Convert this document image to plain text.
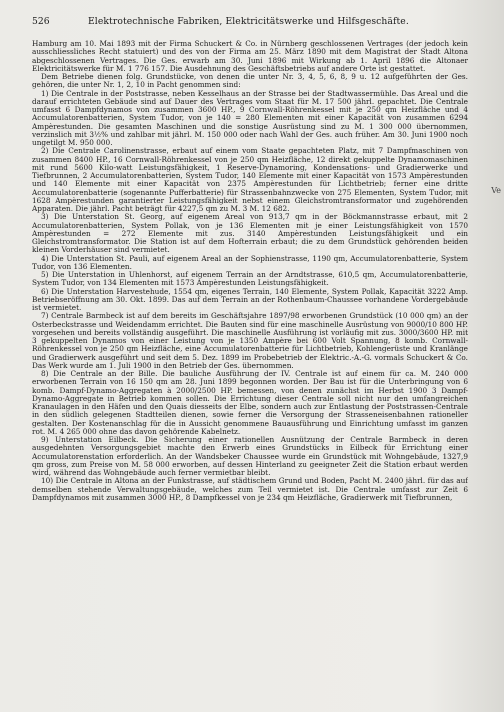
526	Elektrotechnische Fabriken, Elektricitätswerke und Hilfsgeschäfte.

Hamburg am 10. Mai 1893 mit der Firma Schuckert & Co. in Nürnberg geschlossenen Vertrages (der jedoch kein ausschliessliches Recht statuiert) und des von der Firma am 25. März 1890 mit dem Magistrat der Stadt Altona abgeschlossenen Vertrages. Die Ges. erwarb am 30. Juni 1896 mit Wirkung ab 1. April 1896 die Altonaer Elektricitätswerke für M. 1 776 157. Die Ausdehnung des Geschäftsbetriebs auf andere Orte ist gestattet.

Dem Betriebe dienen folg. Grundstücke, von denen die unter Nr. 3, 4, 5, 6, 8, 9 u. 12 aufgeführten der Ges. gehören, die unter Nr. 1, 2, 10 in Pacht genommen sind:

1) Die Centrale in der Poststrasse, neben Kesselhaus an der Strasse bei der Stadtwassermühle. Das Areal und die darauf errichteten Gebäude sind auf Dauer des Vertrages vom Staat für M. 17 500 jährl. gepachtet. Die Centrale umfasst 6 Dampfdynamos von zusammen 3600 HP., 9 Cornwall-Röhrenkessel mit je 250 qm Heizfläche und 4 Accumulatorenbatterien, System Tudor, von je 140 = 280 Elementen mit einer Kapacität von zusammen 6294 Ampèrestunden. Die gesamten Maschinen und die sonstige Ausrüstung sind zu M. 1 300 000 übernommen, verzinslich mit 3½% und zahlbar mit jährl. M. 150 000 oder nach Wahl der Ges. auch früher. Am 30. Juni 1900 noch ungetilgt M. 950 000.

2) Die Centrale Carolinenstrasse, erbaut auf einem vom Staate gepachteten Platz, mit 7 Dampfmaschinen von zusammen 8400 HP., 16 Cornwall-Röhrenkessel von je 250 qm Heizfläche, 12 direkt gekuppelte Dynamomaschinen mit rund 5600 Kilo-watt Leistungsfähigkeit, 1 Reserve-Dynamoring, Kondensations- und Gradierwerke und Tiefbrunnen, 2 Accumulatorenbatterien, System Tudor, 140 Elemente mit einer Kapacität von 1573 Ampèrestunden und 140 Elemente mit einer Kapacität von 2375 Ampèrestunden für Lichtbetrieb; ferner eine dritte Accumulatorenbatterie (sogenannte Pufferbatterie) für Strassenbahnzwecke von 275 Elementen, System Tudor, mit 1628 Ampèrestunden garantierter Leistungsfähigkeit nebst einem Gleichstromtransformator und zugehörenden Apparaten. Die jährl. Pacht beträgt für 4227,5 qm zu M. 3 M. 12 682.

3) Die Unterstation St. Georg, auf eigenem Areal von 913,7 qm in der Böckmannstrasse erbaut, mit 2 Accumulatorenbatterien, System Pollak, von je 136 Elementen mit je einer Leistungsfähigkeit von 1570 Ampèrestunden = 272 Elemente mit zus. 3140 Ampèrestunden Leistungsfähigkeit und ein Gleichstromtransformator. Die Station ist auf dem Hofterrain erbaut; die zu dem Grundstück gehörenden beiden kleinen Vorderhäuser sind vermietet.

4) Die Unterstation St. Pauli, auf eigenem Areal an der Sophienstrasse, 1190 qm, Accumulatorenbatterie, System Tudor, von 136 Elementen.

5) Die Unterstation in Uhlenhorst, auf eigenem Terrain an der Arndtstrasse, 610,5 qm, Accumulatorenbatterie, System Tudor, von 134 Elementen mit 1573 Ampèrestunden Leistungsfähigkeit.

6) Die Unterstation Harvestehude, 1554 qm, eigenes Terrain, 140 Elemente, System Pollak, Kapacität 3222 Amp. Betriebseröffnung am 30. Okt. 1899. Das auf dem Terrain an der Rothenbaum-Chaussee vorhandene Vordergebäude ist vermietet.

7) Centrale Barmbeck ist auf dem bereits im Geschäftsjahre 1897/98 erworbenen Grundstück (10 000 qm) an der Osterbeckstrasse und Weidendamm errichtet. Die Bauten sind für eine maschinelle Ausrüstung von 9000/10 800 HP. vorgesehen und bereits vollständig ausgeführt. Die maschinelle Ausführung ist vorläufig mit zus. 3000/3600 HP. mit 3 gekuppelten Dynamos von einer Leistung von je 1350 Ampère bei 600 Volt Spannung, 8 komb. Cornwall-Röhrenkessel von je 250 qm Heizfläche, eine Accumulatorenbatterie für Lichtbetrieb, Kohlengerüste und Kranlänge und Gradierwerk ausgeführt und seit dem 5. Dez. 1899 im Probebetrieb der Elektric.-A.-G. vormals Schuckert & Co. Das Werk wurde am 1. Juli 1900 in den Betrieb der Ges. übernommen.

8) Die Centrale an der Bille. Die bauliche Ausführung der IV. Centrale ist auf einem für ca. M. 240 000 erworbenen Terrain von 16 150 qm am 28. Juni 1899 begonnen worden. Der Bau ist für die Unterbringung von 6 komb. Dampf-Dynamo-Aggregaten à 2000/2500 HP. bemessen, von denen zunächst im Herbst 1900 3 Dampf-Dynamo-Aggregate in Betrieb kommen sollen. Die Errichtung dieser Centrale soll nicht nur den umfangreichen Kranaulagen in den Häfen und den Quais diesseits der Elbe, sondern auch zur Entlastung der Poststrassen-Centrale in den südlich gelegenen Stadtteilen dienen, sowie ferner die Versorgung der Strasseneisenbahnen rationeller gestalten. Der Kostenanschlag für die in Aussicht genommene Bauausführung und Einrichtung umfasst im ganzen rot. M. 4 265 000 ohne das davon gehörende Kabelnetz.

9) Unterstation Eilbeck. Die Sicherung einer rationellen Ausnützung der Centrale Barmbeck in deren ausgedehnten Versorgungsgebiet machte den Erwerb eines Grundstücks in Eilbeck für Errichtung einer Accumulatorenstation erforderlich. An der Wandsbeker Chaussee wurde ein Grundstück mit Wohngebäude, 1327,9 qm gross, zum Preise von M. 58 000 erworben, auf dessen Hinterland zu geeigneter Zeit die Station erbaut werden wird, während das Wohngebäude auch ferner vermietbar bleibt.

10) Die Centrale in Altona an der Funkstrasse, auf städtischem Grund und Boden, Pacht M. 2400 jährl. für das auf demselben stehende Verwaltungsgebäude, welches zum Teil vermietet ist. Die Centrale umfasst zur Zeit 6 Dampfdynamos mit zusammen 3000 HP., 8 Dampfkessel von je 234 qm Heizfläche, Gradierwerk mit Tiefbrunnen,

Ve
